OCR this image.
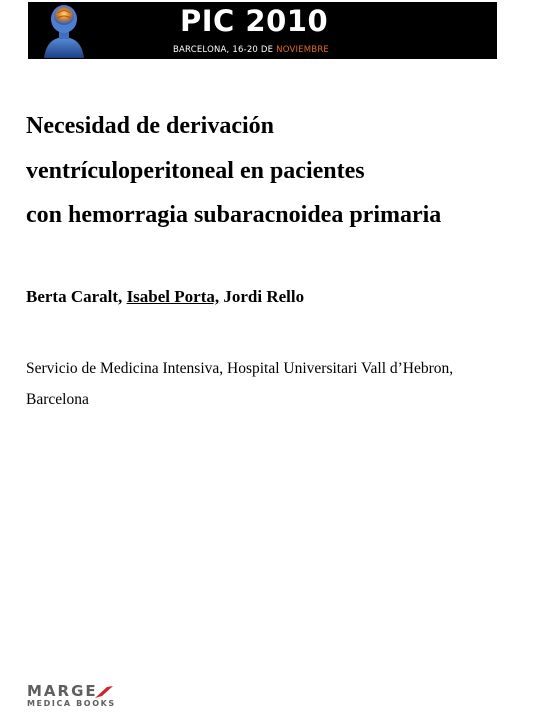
PIC 2010
BARCELONA, 16-20 DE NOVIEMBRE
Necesidad de derivación
ventrículoperitoneal en pacientes
con hemorragia subaracnoidea primaria
Berta Caralt, Isabel Porta, Jordi Rello
Servicio de Medicina Intensiva, Hospital Universitari Vall d’Hebron,
Barcelona
MARGE
MEDICA BOOKS
